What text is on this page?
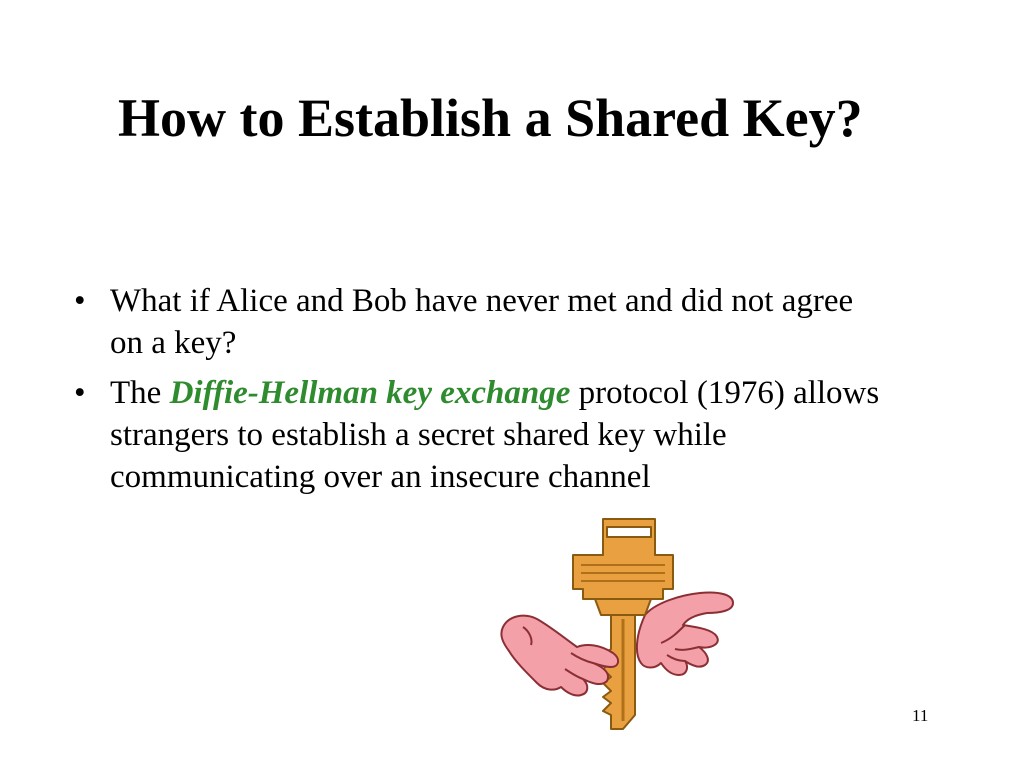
How to Establish a Shared Key?
• What if Alice and Bob have never met and did not agree on a key?
• The Diffie-Hellman key exchange protocol (1976) allows strangers to establish a secret shared key while communicating over an insecure channel
11
